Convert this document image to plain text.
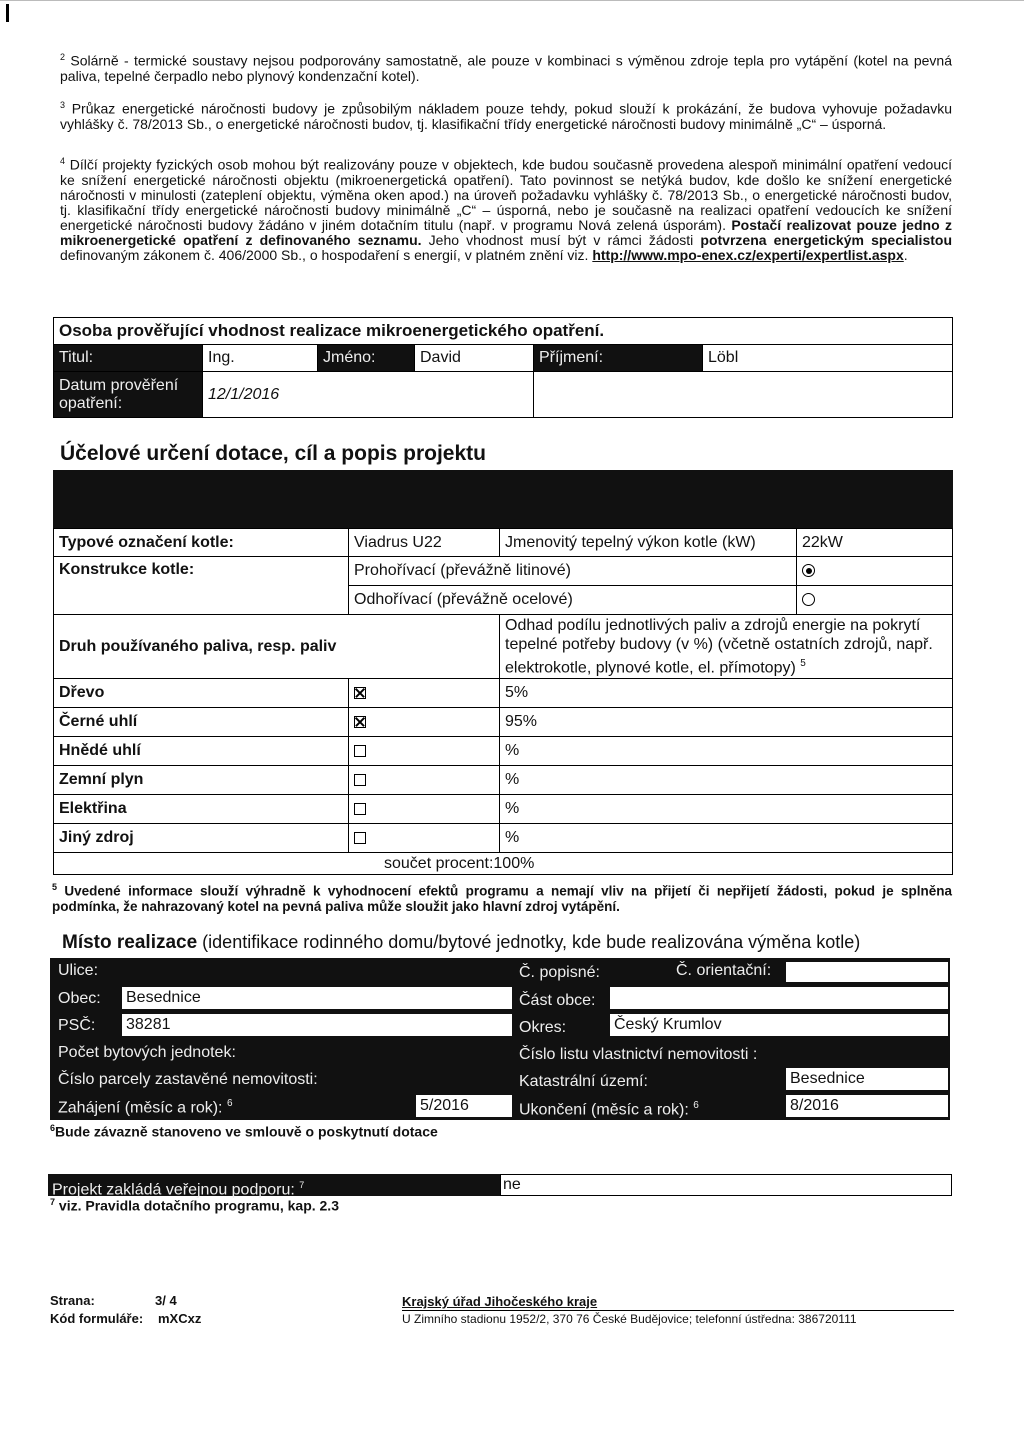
$^2$ Solárně - termické soustavy nejsou podporovány samostatně, ale pouze v kombinaci s výměnou zdroje tepla pro vytápění (kotel na pevná paliva, tepelné čerpadlo nebo plynový kondenzační kotel).
$^3$ Průkaz energetické náročnosti budovy je způsobilým nákladem pouze tehdy, pokud slouží k prokázání, že budova vyhovuje požadavku vyhlášky č. 78/2013 Sb., o energetické náročnosti budov, tj. klasifikační třídy energetické náročnosti budovy minimálně „C“ – úsporná.
$^4$ Dílčí projekty fyzických osob mohou být realizovány pouze v objektech, kde budou současně provedena alespoň minimální opatření vedoucí ke snížení energetické náročnosti objektu (mikroenergetická opatření). Tato povinnost se netýká budov, kde došlo ke snížení energetické náročnosti v minulosti (zateplení objektu, výměna oken apod.) na úroveň požadavku vyhlášky č. 78/2013 Sb., o energetické náročnosti budov, tj. klasifikační třídy energetické náročnosti budovy minimálně „C“ – úsporná, nebo je současně na realizaci opatření vedoucích ke snížení energetické náročnosti budovy žádáno v jiném dotačním titulu (např. v programu Nová zelená úsporám). Postačí realizovat pouze jedno z mikroenergetické opatření z definovaného seznamu. Jeho vhodnost musí být v rámci žádosti potvrzena energetickým specialistou definovaným zákonem č. 406/2000 Sb., o hospodaření s energií, v platném znění viz. http://www.mpo-enex.cz/experti/expertlist.aspx.
Osoba prověřující vhodnost realizace mikroenergetického opatření.					
Titul:	Ing.	Jméno:	David	Příjmení:	Löbl
Datum prověření opatření:	12/1/2016				
Účelové určení dotace, cíl a popis projektu
Typové označení kotle:	Viadrus U22	Jmenovitý tepelný výkon kotle (kW)	22kW
Konstrukce kotle:	Prohořívací (převážně litinové)		
	Odhořívací (převážně ocelové)		
Druh používaného paliva, resp. paliv		Odhad podílu jednotlivých paliv a zdrojů energie na pokrytí tepelné potřeby budovy (v %) (včetně ostatních zdrojů, např. elektrokotle, plynové kotle, el. přímotopy) $^5$
Dřevo		5%	
Černé uhlí		95%	
Hnědé uhlí		%	
Zemní plyn		%	
Elektřina		%	
Jiný zdroj		%	
součet procent:100%			
$^5$ Uvedené informace slouží výhradně k vyhodnocení efektů programu a nemají vliv na přijetí či nepřijetí žádosti, pokud je splněna podmínka, že nahrazovaný kotel na pevná paliva může sloužit jako hlavní zdroj vytápění.
Místo realizace (identifikace rodinného domu/bytové jednotky, kde bude realizována výměna kotle)
Ulice:	Č. popisné:	Č. orientační:
Obec: Besednice	Část obce:
PSČ: 38281	Okres:	Český Krumlov
Počet bytových jednotek:	Číslo listu vlastnictví nemovitosti :
Číslo parcely zastavěné nemovitosti:	Katastrální území:	Besednice
Zahájení (měsíc a rok): $^6$	5/2016	Ukončení (měsíc a rok): $^6$	8/2016
$^6$Bude závazně stanoveno ve smlouvě o poskytnutí dotace
Projekt zakládá veřejnou podporu: $^7$	ne
$^7$ viz. Pravidla dotačního programu, kap. 2.3
Strana:	3/ 4
Kód formuláře: mXCxz
Krajský úřad Jihočeského kraje
U Zimního stadionu 1952/2, 370 76 České Budějovice; telefonní ústředna: 386720111
